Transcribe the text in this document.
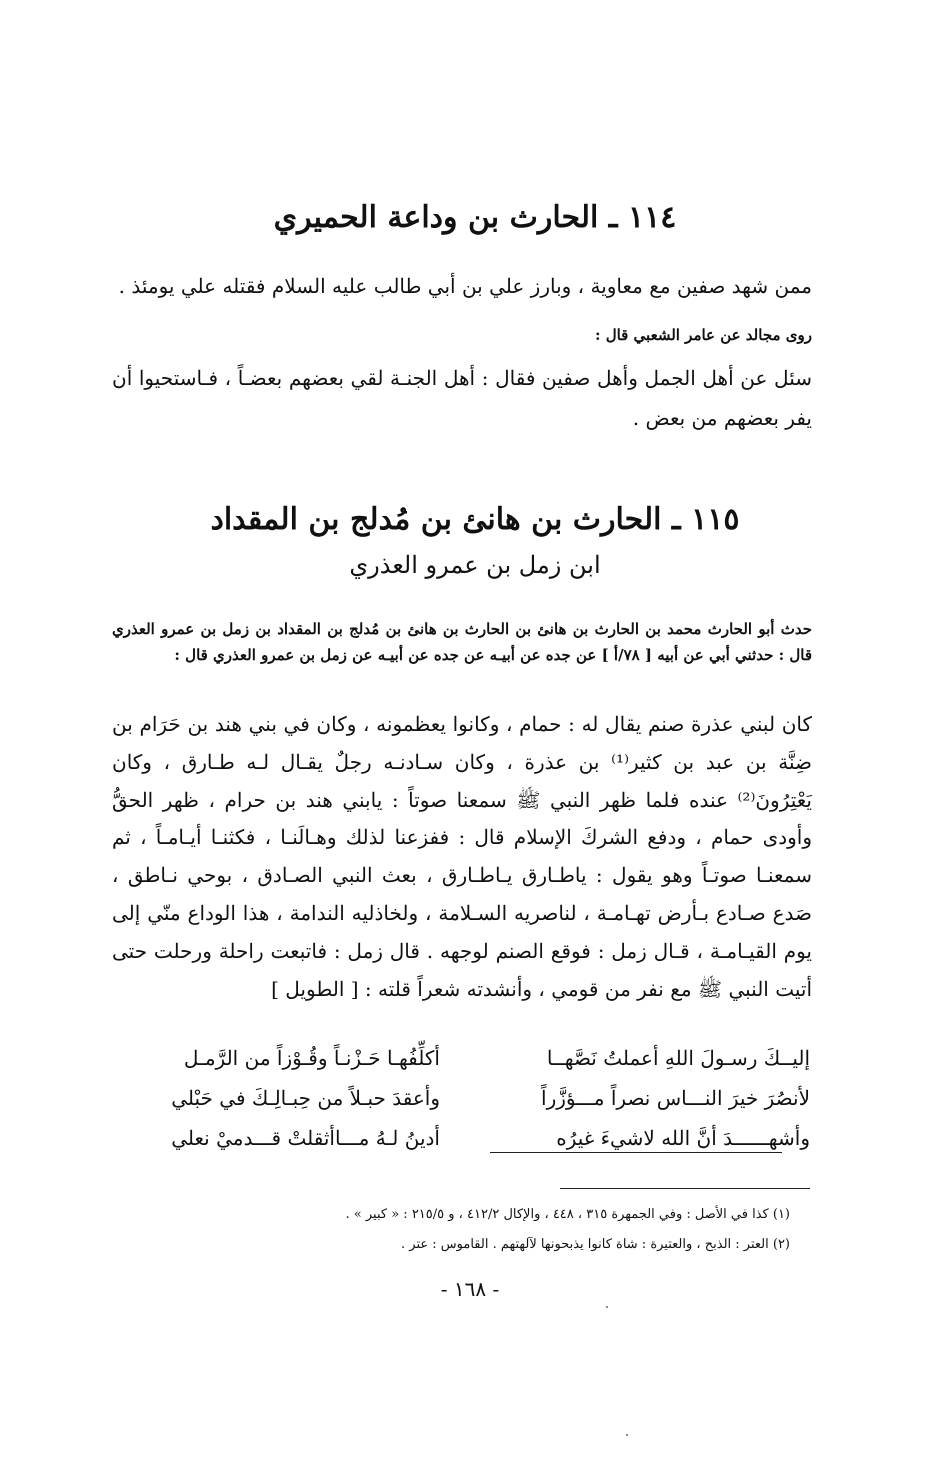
١١٤ ـ الحارث بن وداعة الحميري
ممن شهد صفين مع معاوية ، وبارز علي بن أبي طالب عليه السلام فقتله علي يومئذ .
روى مجالد عن عامر الشعبي قال :
سئل عن أهل الجمل وأهل صفين فقال : أهل الجنـة لقي بعضهم بعضـاً ، فـاستحيوا أن يفر بعضهم من بعض .
١١٥ ـ الحارث بن هانئ بن مُدلج بن المقداد
ابن زمل بن عمرو العذري
حدث أبو الحارث محمد بن الحارث بن هانئ بن الحارث بن هانئ بن مُدلج بن المقداد بن زمل بن عمرو العذري قال : حدثني أبي عن أبيه [ ٧٨/أ ] عن جده عن أبيـه عن جده عن أبيـه عن زمل بن عمرو العذري قال :
كان لبني عذرة صنم يقال له : حمام ، وكانوا يعظمونه ، وكان في بني هند بن حَرَام بن ضِنَّة بن عبد بن كثير⁽¹⁾ بن عذرة ، وكان سـادنـه رجلٌ يقـال لـه طـارق ، وكان يَعْتِرُونَ⁽²⁾ عنده فلما ظهر النبي ﷺ سمعنا صوتاً : يابني هند بن حرام ، ظهر الحقُّ وأودى حمام ، ودفع الشركَ الإسلام قال : ففزعنا لذلك وهـالَنـا ، فكثنـا أيـامـاً ، ثم سمعنـا صوتـاً وهو يقول : ياطـارق يـاطـارق ، بعث النبي الصـادق ، بوحي نـاطق ، صَدع صـادع بـأرض تهـامـة ، لناصريه السـلامة ، ولخاذليه الندامة ، هذا الوداع منّي إلى يوم القيـامـة ، قـال زمل : فوقع الصنم لوجهه . قال زمل : فاتبعت راحلة ورحلت حتى أتيت النبي ﷺ مع نفر من قومي ، وأنشدته شعراً قلته : [ الطويل ]
إليــكَ رسـولَ اللهِ أعملتُ نَصَّهــا
أكلِّفُهـا حَـزْنـاً وقُـوْزاً من الرَّمـل
لأنصُرَ خيرَ النـــاس نصراً مـــؤزَّراً
وأعقدَ حبـلاً من حِبـالِـكَ في حَبْلي
وأشهــــــدَ أنَّ الله لاشيءَ غيرُه
أدينُ لـهُ مـــاأثقلتْ قـــدميْ نعلي
(١) كذا في الأصل : وفي الجمهرة ٣١٥ ، ٤٤٨ ، والإكال ٤١٢/٢ ، و ٢١٥/٥ : « كبير » .
(٢) العتر : الذبح ، والعتيرة : شاة كانوا يذبحونها لآلهتهم . القاموس : عتر .
- ١٦٨ -
